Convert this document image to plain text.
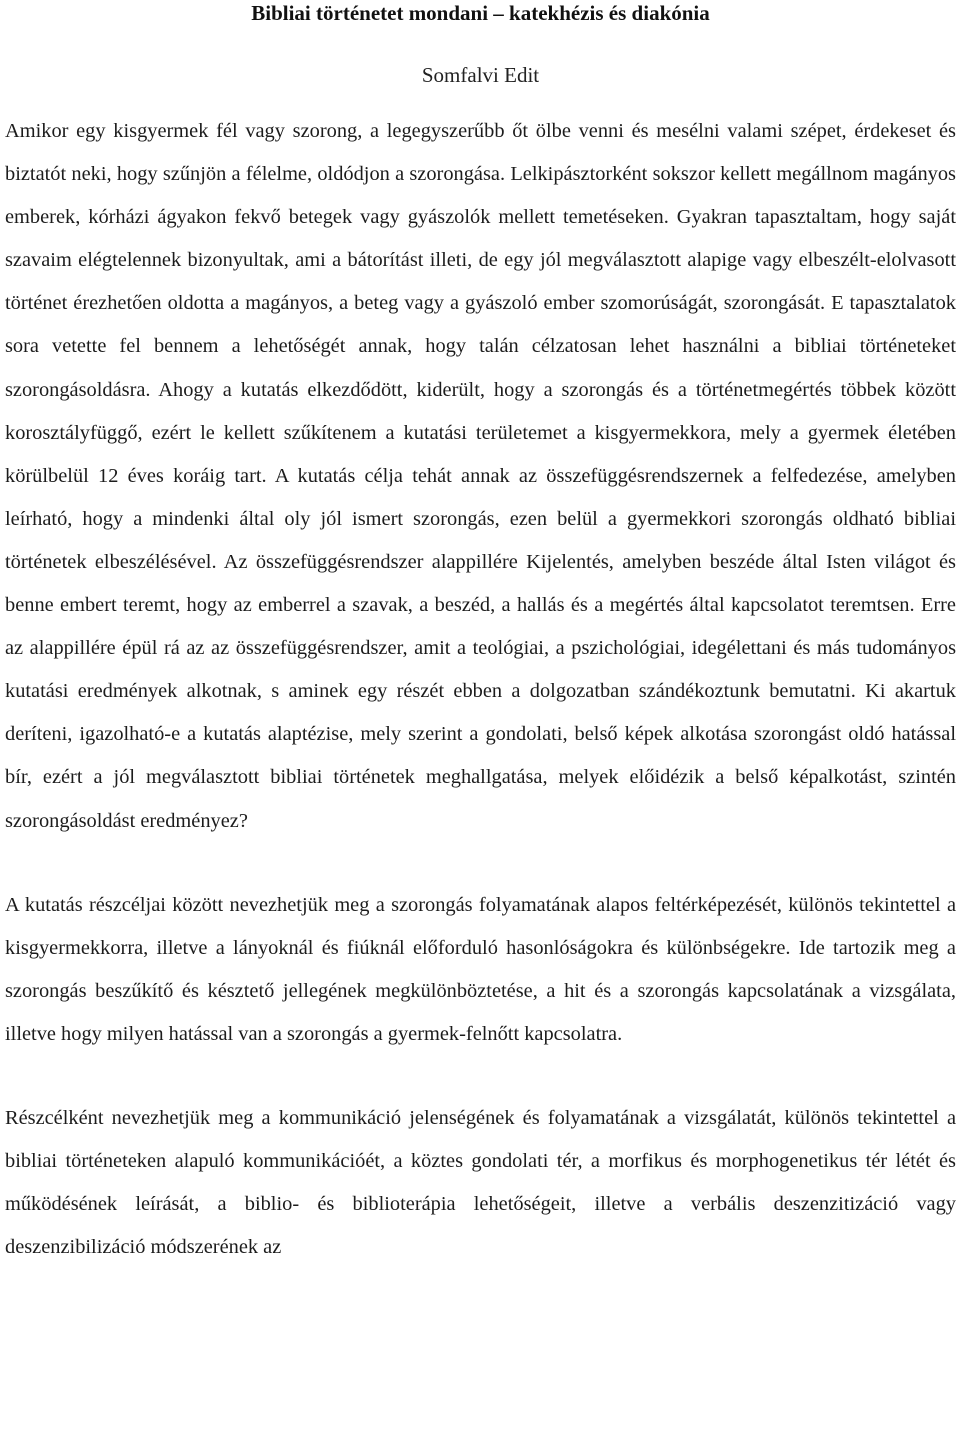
Bibliai történetet mondani – katekhézis és diakónia

Somfalvi Edit

Amikor egy kisgyermek fél vagy szorong, a legegyszerűbb őt ölbe venni és mesélni valami szépet, érdekeset és biztatót neki, hogy szűnjön a félelme, oldódjon a szorongása. Lelkipásztorként sokszor kellett megállnom magányos emberek, kórházi ágyakon fekvő betegek vagy gyászolók mellett temetéseken. Gyakran tapasztaltam, hogy saját szavaim elégtelennek bizonyultak, ami a bátorítást illeti, de egy jól megválasztott alapige vagy elbeszélt-elolvasott történet érezhetően oldotta a magányos, a beteg vagy a gyászoló ember szomorúságát, szorongását. E tapasztalatok sora vetette fel bennem a lehetőségét annak, hogy talán célzatosan lehet használni a bibliai történeteket szorongásoldásra. Ahogy a kutatás elkezdődött, kiderült, hogy a szorongás és a történetmegértés többek között korosztályfüggő, ezért le kellett szűkítenem a kutatási területemet a kisgyermekkora, mely a gyermek életében körülbelül 12 éves koráig tart. A kutatás célja tehát annak az összefüggésrendszernek a felfedezése, amelyben leírható, hogy a mindenki által oly jól ismert szorongás, ezen belül a gyermekkori szorongás oldható bibliai történetek elbeszélésével. Az összefüggésrendszer alappillére Kijelentés, amelyben beszéde által Isten világot és benne embert teremt, hogy az emberrel a szavak, a beszéd, a hallás és a megértés által kapcsolatot teremtsen. Erre az alappillére épül rá az az összefüggésrendszer, amit a teológiai, a pszichológiai, idegélettani és más tudományos kutatási eredmények alkotnak, s aminek egy részét ebben a dolgozatban szándékoztunk bemutatni. Ki akartuk deríteni, igazolható-e a kutatás alaptézise, mely szerint a gondolati, belső képek alkotása szorongást oldó hatással bír, ezért a jól megválasztott bibliai történetek meghallgatása, melyek előidézik a belső képalkotást, szintén szorongásoldást eredményez?

A kutatás részcéljai között nevezhetjük meg a szorongás folyamatának alapos feltérképezését, különös tekintettel a kisgyermekkorra, illetve a lányoknál és fiúknál előforduló hasonlóságokra és különbségekre. Ide tartozik meg a szorongás beszűkítő és késztető jellegének megkülönböztetése, a hit és a szorongás kapcsolatának a vizsgálata, illetve hogy milyen hatással van a szorongás a gyermek-felnőtt kapcsolatra.

Részcélként nevezhetjük meg a kommunikáció jelenségének és folyamatának a vizsgálatát, különös tekintettel a bibliai történeteken alapuló kommunikációét, a köztes gondolati tér, a morfikus és morphogenetikus tér létét és működésének leírását, a biblio- és biblioterápia lehetőségeit, illetve a verbális deszenzitizáció vagy deszenzibilizáció módszerének az
